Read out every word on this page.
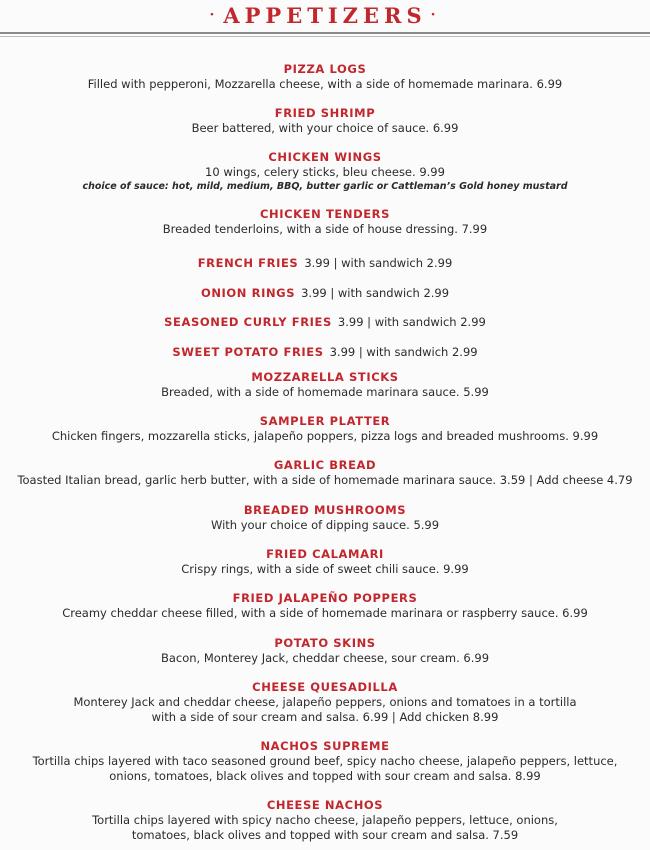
· APPETIZERS ·
PIZZA LOGS
Filled with pepperoni, Mozzarella cheese, with a side of homemade marinara. 6.99
FRIED SHRIMP
Beer battered, with your choice of sauce. 6.99
CHICKEN WINGS
10 wings, celery sticks, bleu cheese. 9.99
choice of sauce: hot, mild, medium, BBQ, butter garlic or Cattleman’s Gold honey mustard
CHICKEN TENDERS
Breaded tenderloins, with a side of house dressing. 7.99
FRENCH FRIES 3.99 | with sandwich 2.99
ONION RINGS 3.99 | with sandwich 2.99
SEASONED CURLY FRIES 3.99 | with sandwich 2.99
SWEET POTATO FRIES 3.99 | with sandwich 2.99
MOZZARELLA STICKS
Breaded, with a side of homemade marinara sauce. 5.99
SAMPLER PLATTER
Chicken fingers, mozzarella sticks, jalapeño poppers, pizza logs and breaded mushrooms. 9.99
GARLIC BREAD
Toasted Italian bread, garlic herb butter, with a side of homemade marinara sauce. 3.59 | Add cheese 4.79
BREADED MUSHROOMS
With your choice of dipping sauce. 5.99
FRIED CALAMARI
Crispy rings, with a side of sweet chili sauce. 9.99
FRIED JALAPEÑO POPPERS
Creamy cheddar cheese filled, with a side of homemade marinara or raspberry sauce. 6.99
POTATO SKINS
Bacon, Monterey Jack, cheddar cheese, sour cream. 6.99
CHEESE QUESADILLA
Monterey Jack and cheddar cheese, jalapeño peppers, onions and tomatoes in a tortilla
with a side of sour cream and salsa. 6.99 | Add chicken 8.99
NACHOS SUPREME
Tortilla chips layered with taco seasoned ground beef, spicy nacho cheese, jalapeño peppers, lettuce,
onions, tomatoes, black olives and topped with sour cream and salsa. 8.99
CHEESE NACHOS
Tortilla chips layered with spicy nacho cheese, jalapeño peppers, lettuce, onions,
tomatoes, black olives and topped with sour cream and salsa. 7.59
